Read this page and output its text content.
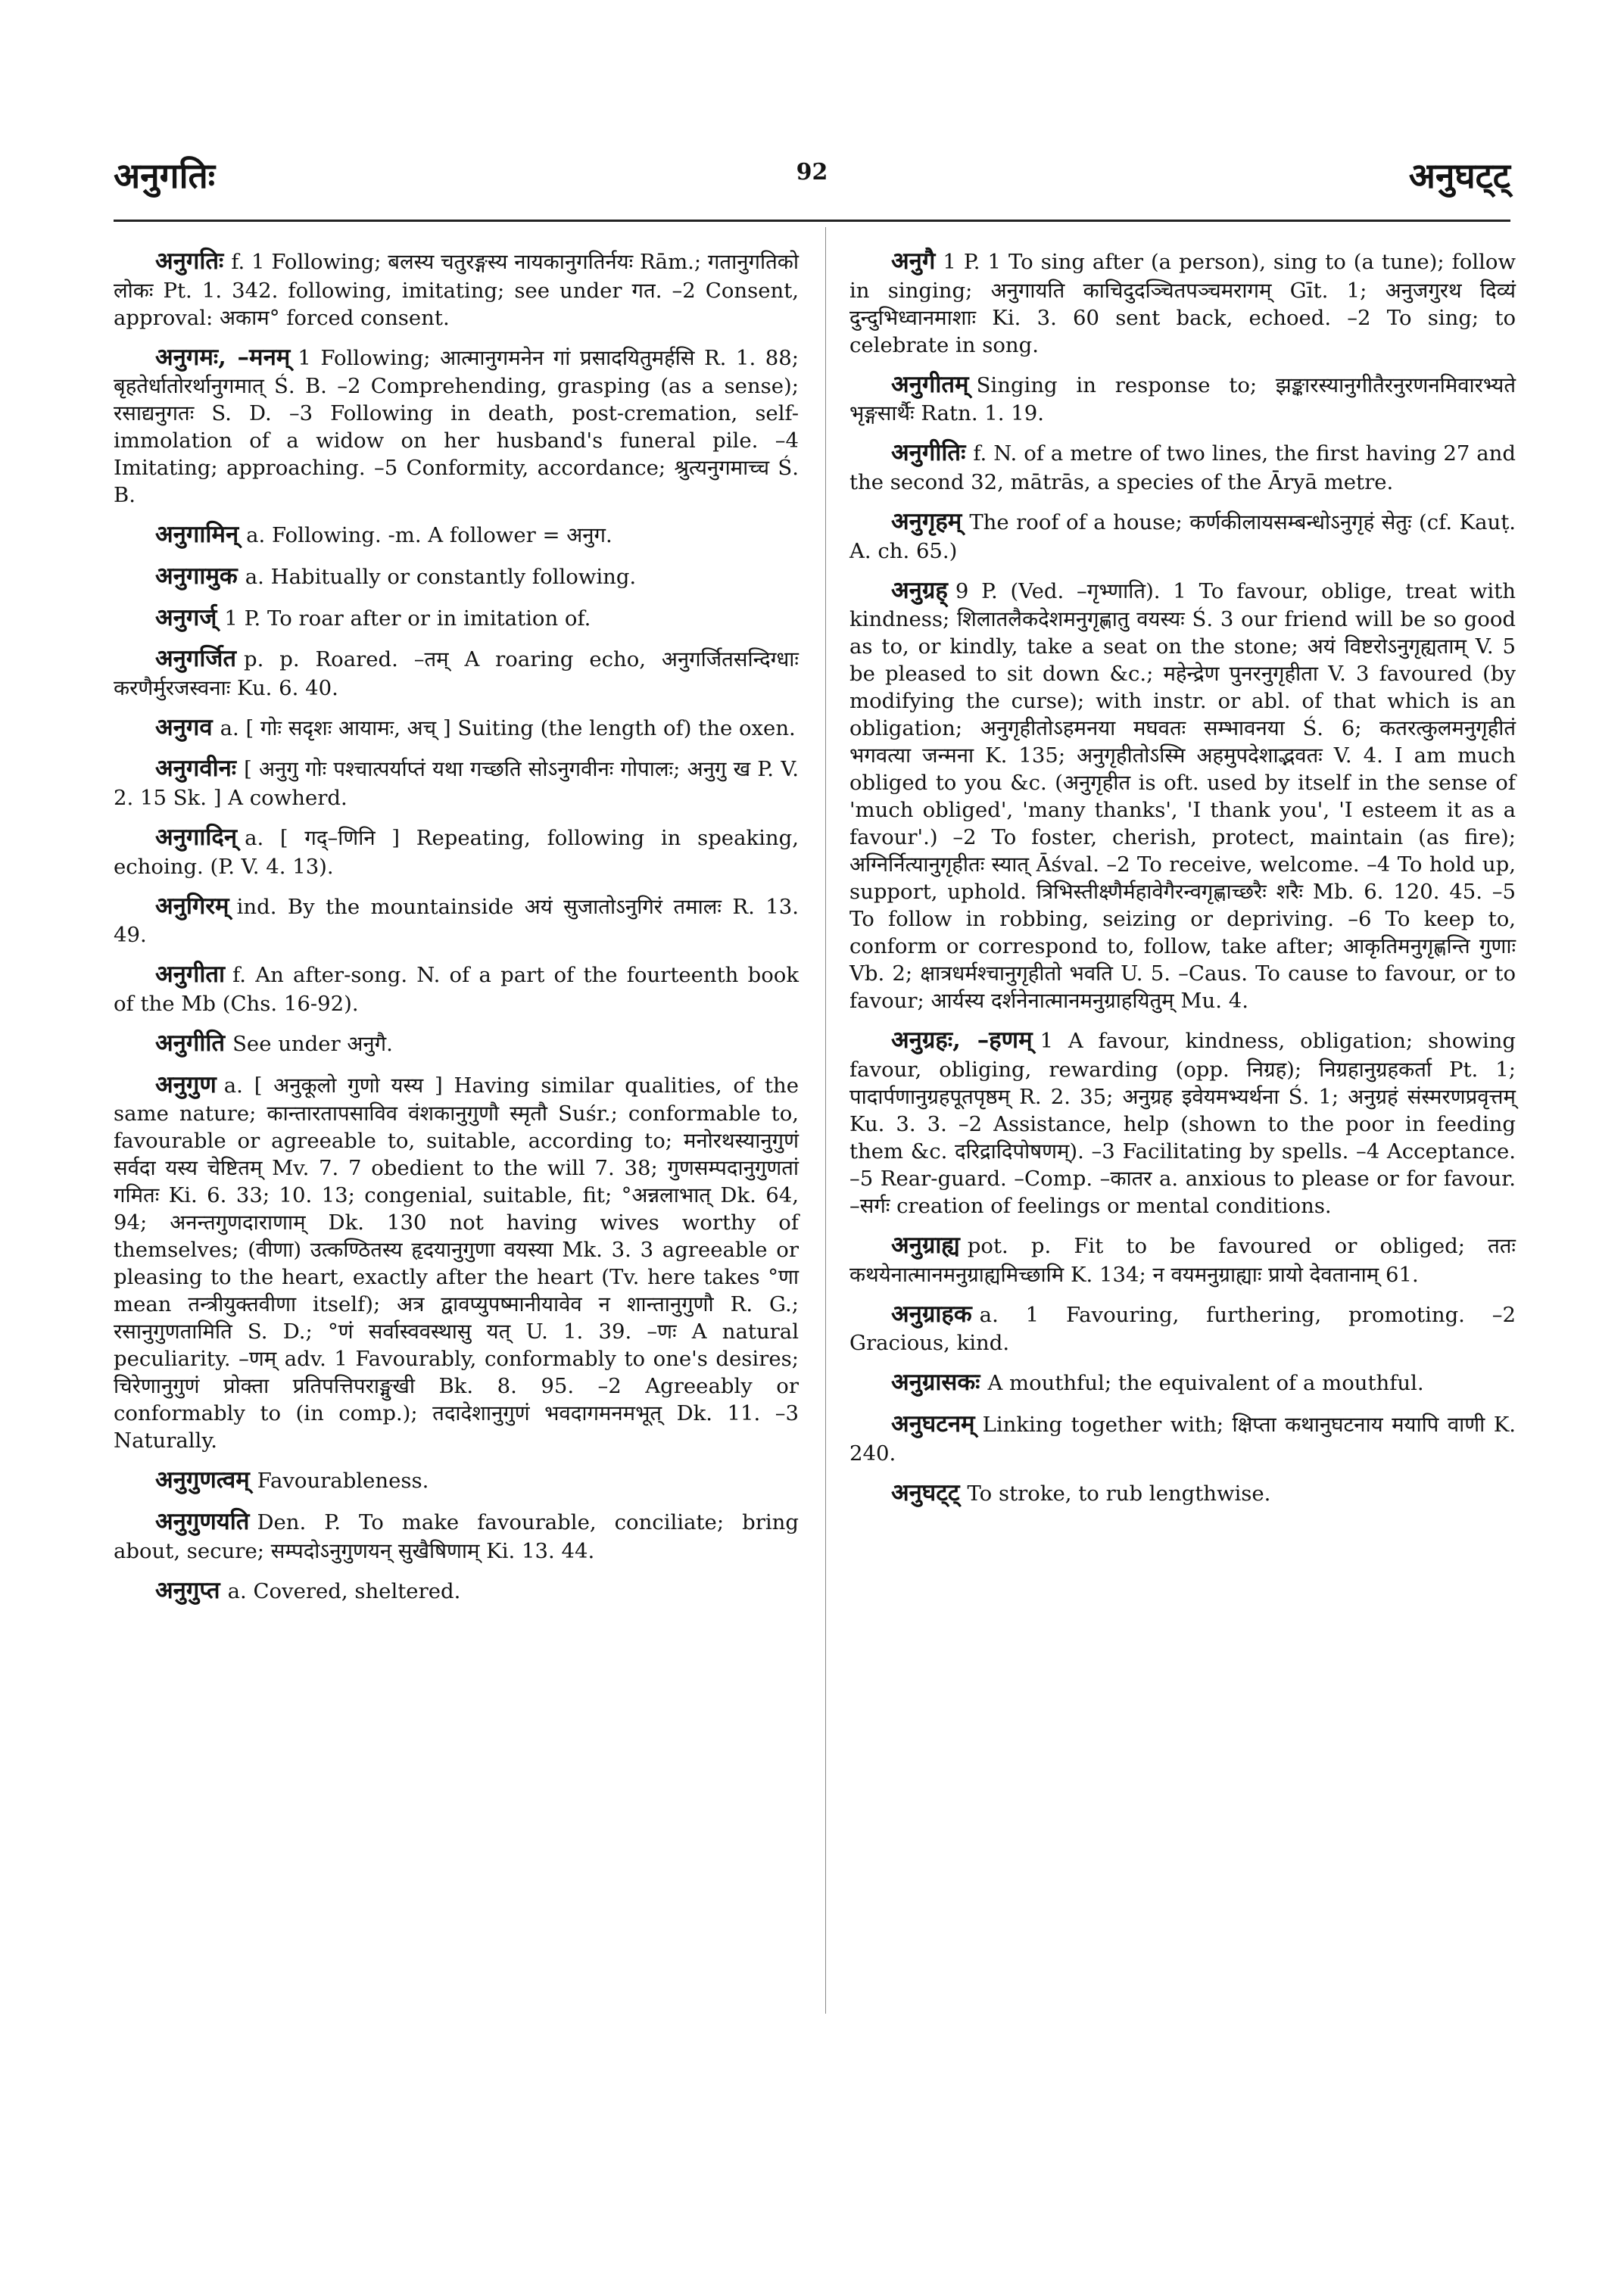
अनुगतिः	92	अनुघट्ट्

अनुगतिः f. 1 Following; बलस्य चतुरङ्गस्य नायकानुगतिर्नयः Rām.; गतानुगतिको लोकः Pt. 1. 342. following, imitating; see under गत. –2 Consent, approval: अकाम° forced consent.

अनुगमः, –मनम् 1 Following; आत्मानुगमनेन गां प्रसादयितुमर्हसि R. 1. 88; बृहतेर्धातोरर्थानुगमात् Ś. B. –2 Comprehending, grasping (as a sense); रसाद्यनुगतः S. D. –3 Following in death, post-cremation, self-immolation of a widow on her husband's funeral pile. –4 Imitating; approaching. –5 Conformity, accordance; श्रुत्यनुगमाच्च Ś. B.

अनुगामिन् a. Following. -m. A follower = अनुग.

अनुगामुक a. Habitually or constantly following.

अनुगर्ज् 1 P. To roar after or in imitation of.

अनुगर्जित p. p. Roared. –तम् A roaring echo, अनुगर्जितसन्दिग्धाः करणैर्मुरजस्वनाः Ku. 6. 40.

अनुगव a. [ गोः सदृशः आयामः, अच् ] Suiting (the length of) the oxen.

अनुगवीनः [ अनुगु गोः पश्चात्पर्याप्तं यथा गच्छति सोऽनुगवीनः गोपालः; अनुगु ख P. V. 2. 15 Sk. ] A cowherd.

अनुगादिन् a. [ गद्–णिनि ] Repeating, following in speaking, echoing. (P. V. 4. 13).

अनुगिरम् ind. By the mountainside अयं सुजातोऽनुगिरं तमालः R. 13. 49.

अनुगीता f. An after-song. N. of a part of the fourteenth book of the Mb (Chs. 16-92).

अनुगीति See under अनुगै.

अनुगुण a. [ अनुकूलो गुणो यस्य ] Having similar qualities, of the same nature; कान्तारतापसाविव वंशकानुगुणौ स्मृतौ Suśr.; conformable to, favourable or agreeable to, suitable, according to; मनोरथस्यानुगुणं सर्वदा यस्य चेष्टितम् Mv. 7. 7 obedient to the will 7. 38; गुणसम्पदानुगुणतां गमितः Ki. 6. 33; 10. 13; congenial, suitable, fit; °अन्नलाभात् Dk. 64, 94; अनन्तगुणदाराणाम् Dk. 130 not having wives worthy of themselves; (वीणा) उत्कण्ठितस्य हृदयानुगुणा वयस्या Mk. 3. 3 agreeable or pleasing to the heart, exactly after the heart (Tv. here takes °णा mean तन्त्रीयुक्तवीणा itself); अत्र द्वावप्युपष्मानीयावेव न शान्तानुगुणौ R. G.; रसानुगुणतामिति S. D.; °णं सर्वास्ववस्थासु यत् U. 1. 39. –णः A natural peculiarity. –णम् adv. 1 Favourably, conformably to one's desires; चिरेणानुगुणं प्रोक्ता प्रतिपत्तिपराङ्मुखी Bk. 8. 95. –2 Agreeably or conformably to (in comp.); तदादेशानुगुणं भवदागमनमभूत् Dk. 11. –3 Naturally.

अनुगुणत्वम् Favourableness.

अनुगुणयति Den. P. To make favourable, conciliate; bring about, secure; सम्पदोऽनुगुणयन् सुखैषिणाम् Ki. 13. 44.

अनुगुप्त a. Covered, sheltered.

अनुगै 1 P. 1 To sing after (a person), sing to (a tune); follow in singing; अनुगायति काचिदुदञ्चितपञ्चमरागम् Gīt. 1; अनुजगुरथ दिव्यं दुन्दुभिध्वानमाशाः Ki. 3. 60 sent back, echoed. –2 To sing; to celebrate in song.

अनुगीतम् Singing in response to; झङ्कारस्यानुगीतैरनुरणनमिवारभ्यते भृङ्गसार्थैः Ratn. 1. 19.

अनुगीतिः f. N. of a metre of two lines, the first having 27 and the second 32, mātrās, a species of the Āryā metre.

अनुगृहम् The roof of a house; कर्णकीलायसम्बन्धोऽनुगृहं सेतुः (cf. Kauṭ. A. ch. 65.)

अनुग्रह् 9 P. (Ved. –गृभ्णाति). 1 To favour, oblige, treat with kindness; शिलातलैकदेशमनुगृह्णातु वयस्यः Ś. 3 our friend will be so good as to, or kindly, take a seat on the stone; अयं विष्टरोऽनुगृह्यताम् V. 5 be pleased to sit down &c.; महेन्द्रेण पुनरनुगृहीता V. 3 favoured (by modifying the curse); with instr. or abl. of that which is an obligation; अनुगृहीतोऽहमनया मघवतः सम्भावनया Ś. 6; कतरत्कुलमनुगृहीतं भगवत्या जन्मना K. 135; अनुगृहीतोऽस्मि अहमुपदेशाद्भवतः V. 4. I am much obliged to you &c. (अनुगृहीत is oft. used by itself in the sense of 'much obliged', 'many thanks', 'I thank you', 'I esteem it as a favour'.) –2 To foster, cherish, protect, maintain (as fire); अग्निर्नित्यानुगृहीतः स्यात् Āśval. –2 To receive, welcome. –4 To hold up, support, uphold. त्रिभिस्तीक्ष्णैर्महावेगैरन्वगृह्णाच्छरैः शरैः Mb. 6. 120. 45. –5 To follow in robbing, seizing or depriving. –6 To keep to, conform or correspond to, follow, take after; आकृतिमनुगृह्णन्ति गुणाः Vb. 2; क्षात्रधर्मश्चानुगृहीतो भवति U. 5. –Caus. To cause to favour, or to favour; आर्यस्य दर्शनेनात्मानमनुग्राहयितुम् Mu. 4.

अनुग्रहः, –हणम् 1 A favour, kindness, obligation; showing favour, obliging, rewarding (opp. निग्रह); निग्रहानुग्रहकर्ता Pt. 1; पादार्पणानुग्रहपूतपृष्ठम् R. 2. 35; अनुग्रह इवेयमभ्यर्थना Ś. 1; अनुग्रहं संस्मरणप्रवृत्तम् Ku. 3. 3. –2 Assistance, help (shown to the poor in feeding them &c. दरिद्रादिपोषणम्). –3 Facilitating by spells. –4 Acceptance. –5 Rear-guard. –Comp. –कातर a. anxious to please or for favour. –सर्गः creation of feelings or mental conditions.

अनुग्राह्य pot. p. Fit to be favoured or obliged; ततः कथयेनात्मानमनुग्राह्यमिच्छामि K. 134; न वयमनुग्राह्याः प्रायो देवतानाम् 61.

अनुग्राहक a. 1 Favouring, furthering, promoting. –2 Gracious, kind.

अनुग्रासकः A mouthful; the equivalent of a mouthful.

अनुघटनम् Linking together with; क्षिप्ता कथानुघटनाय मयापि वाणी K. 240.

अनुघट्ट् To stroke, to rub lengthwise.
